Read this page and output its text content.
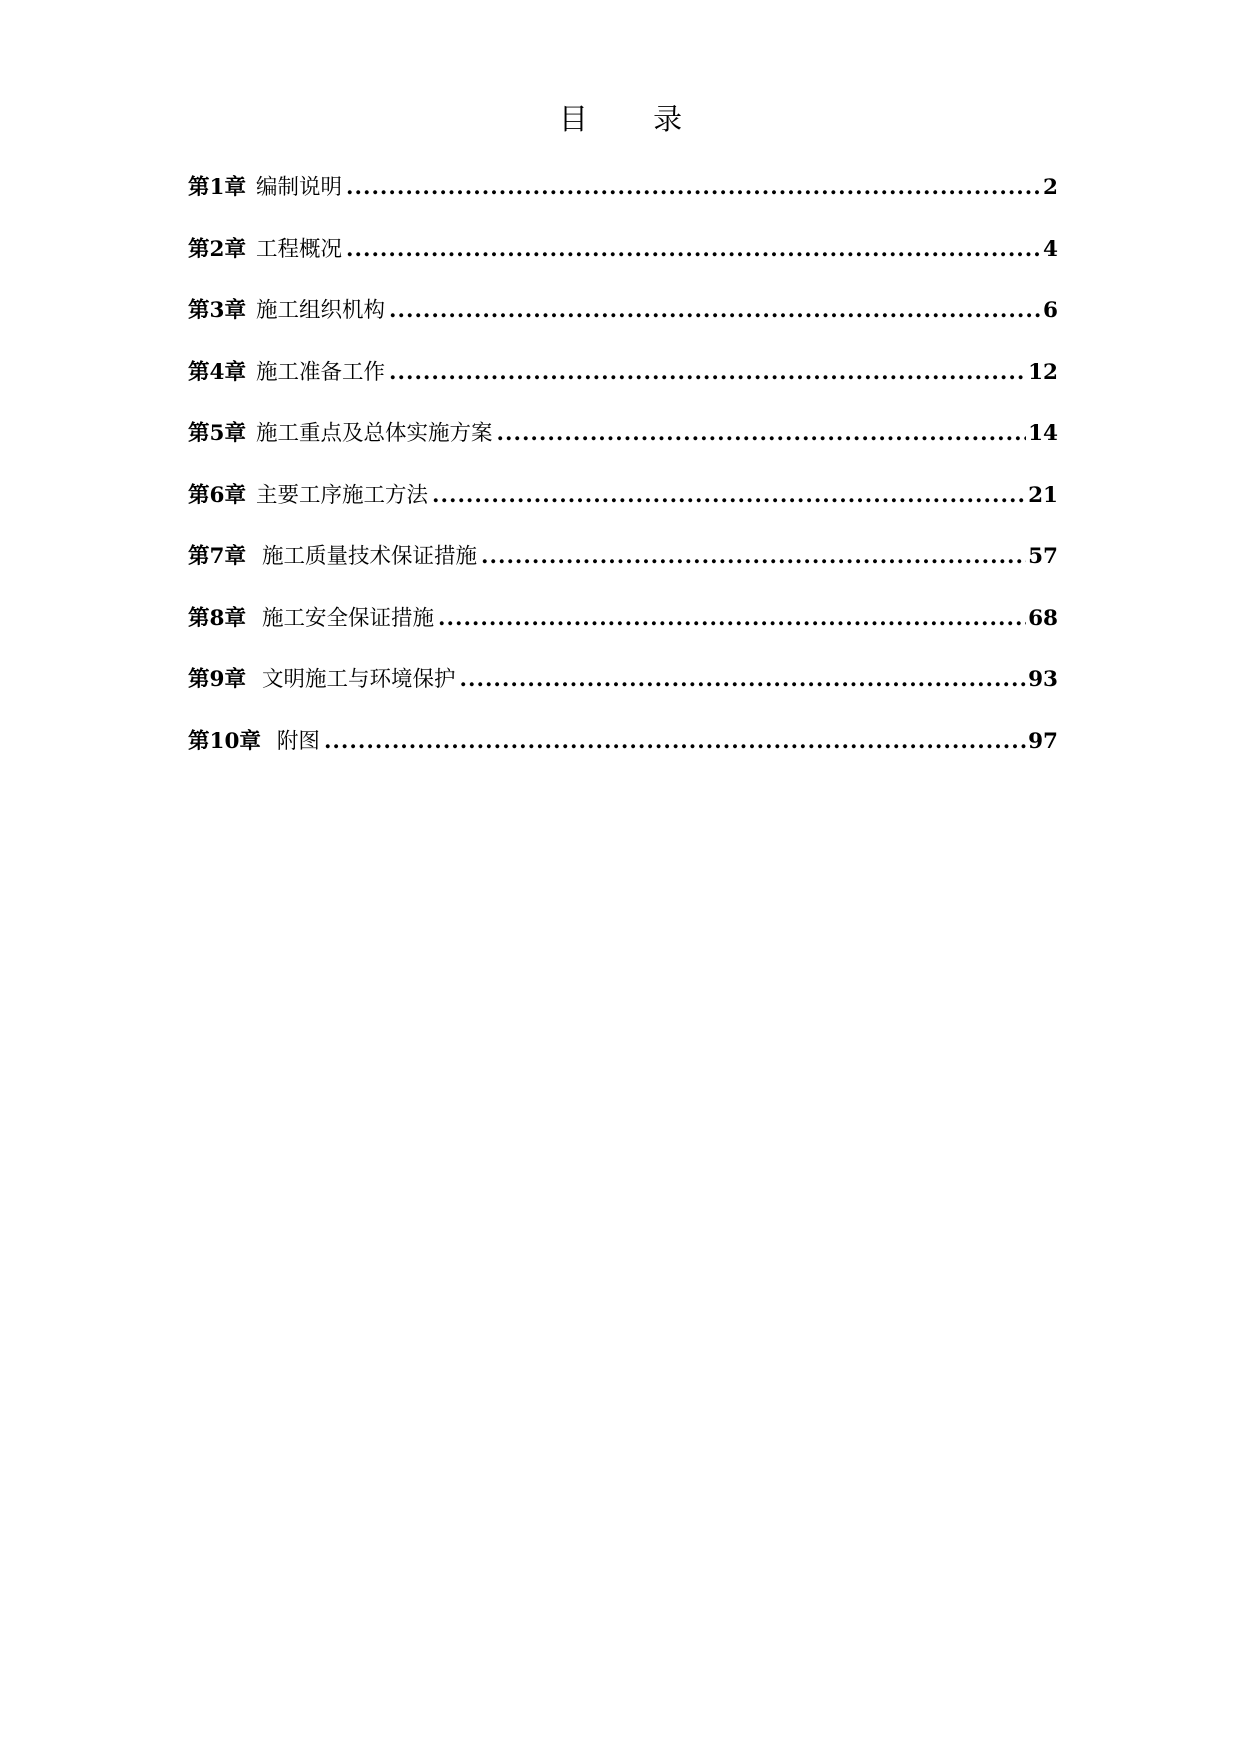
目 录
第1章 编制说明 .....	2
第2章 工程概况 .....	4
第3章 施工组织机构 .....	6
第4章 施工准备工作 .....	12
第5章 施工重点及总体实施方案 .....	14
第6章 主要工序施工方法 .....	21
第7章 施工质量技术保证措施 .....	57
第8章 施工安全保证措施 .....	68
第9章 文明施工与环境保护 .....	93
第10章 附图 .....	97
